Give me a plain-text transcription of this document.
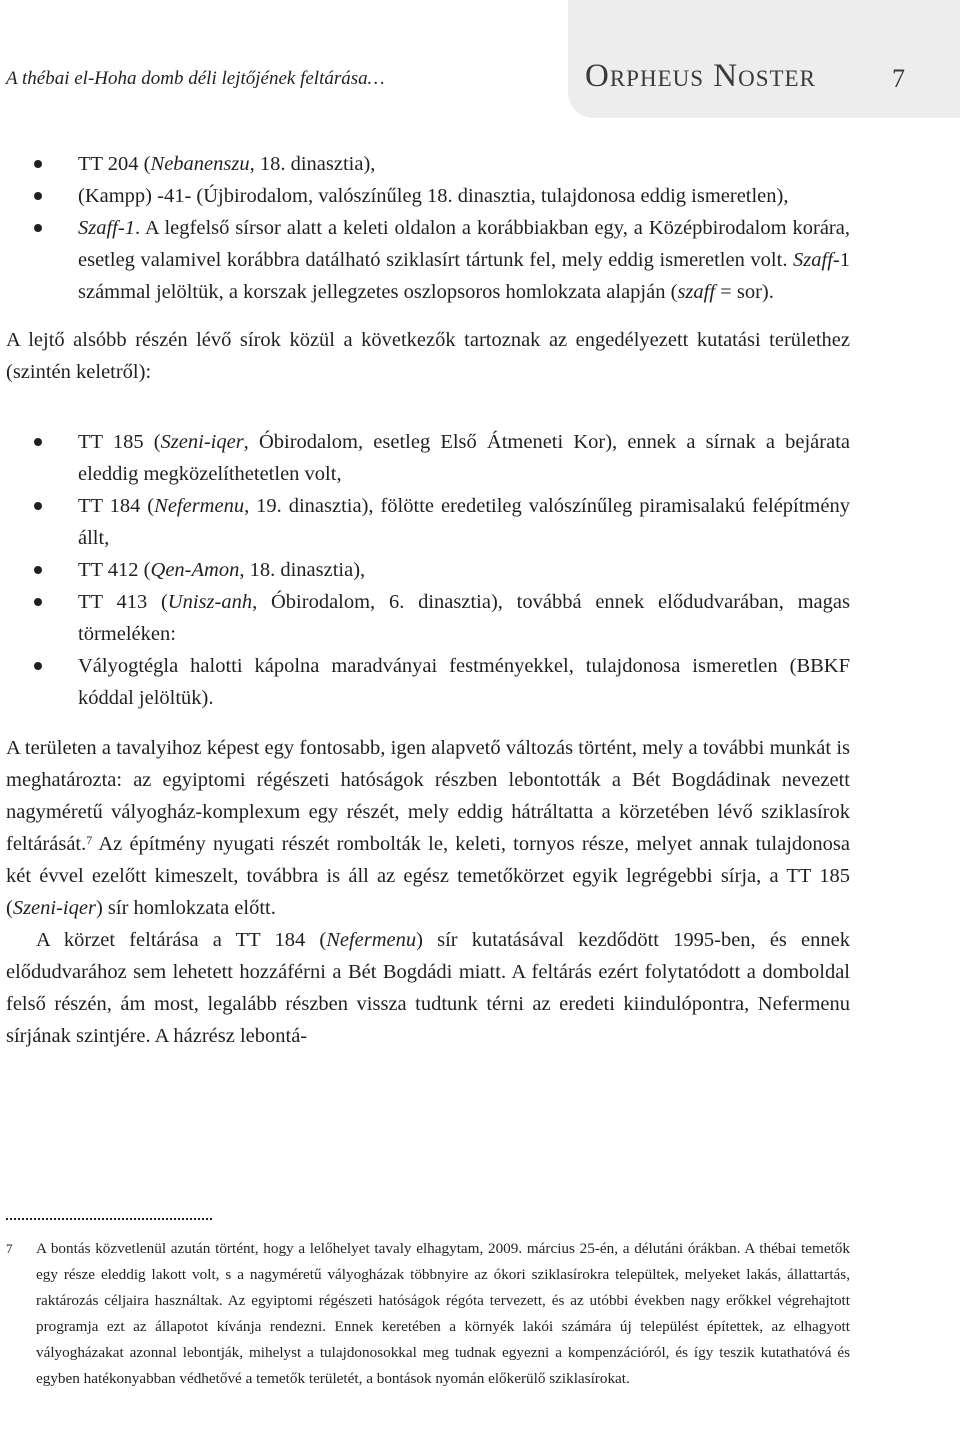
A thébai el-Hoha domb déli lejtőjének feltárása…	Orpheus Noster	7
TT 204 (Nebanenszu, 18. dinasztia),
(Kampp) -41- (Újbirodalom, valószínűleg 18. dinasztia, tulajdonosa eddig ismeretlen),
Szaff-1. A legfelső sírsor alatt a keleti oldalon a korábbiakban egy, a Középbirodalom korára, esetleg valamivel korábbra datálható sziklasírt tártunk fel, mely eddig ismeretlen volt. Szaff-1 számmal jelöltük, a korszak jellegzetes oszlopsoros homlokzata alapján (szaff = sor).

A lejtő alsóbb részén lévő sírok közül a következők tartoznak az engedélyezett kutatási területhez (szintén keletről):

TT 185 (Szeni-iqer, Óbirodalom, esetleg Első Átmeneti Kor), ennek a sírnak a bejárata eleddig megközelíthetetlen volt,
TT 184 (Nefermenu, 19. dinasztia), fölötte eredetileg valószínűleg piramisalakú felépítmény állt,
TT 412 (Qen-Amon, 18. dinasztia),
TT 413 (Unisz-anh, Óbirodalom, 6. dinasztia), továbbá ennek elődudvarában, magas törmeléken:
Vályogtégla halotti kápolna maradványai festményekkel, tulajdonosa ismeretlen (BBKF kóddal jelöltük).

A területen a tavalyihoz képest egy fontosabb, igen alapvető változás történt, mely a további munkát is meghatározta: az egyiptomi régészeti hatóságok részben lebontották a Bét Bogdádinak nevezett nagyméretű vályogház-komplexum egy részét, mely eddig hátráltatta a körzetében lévő sziklasírok feltárását.$^7$ Az építmény nyugati részét rombolták le, keleti, tornyos része, melyet annak tulajdonosa két évvel ezelőtt kimeszelt, továbbra is áll az egész temetőkörzet egyik legrégebbi sírja, a TT 185 (Szeni-iqer) sír homlokzata előtt.

A körzet feltárása a TT 184 (Nefermenu) sír kutatásával kezdődött 1995-ben, és ennek elődudvarához sem lehetett hozzáférni a Bét Bogdádi miatt. A feltárás ezért folytatódott a domboldal felső részén, ám most, legalább részben vissza tudtunk térni az eredeti kiindulópontra, Nefermenu sírjának szintjére. A házrész lebontá-

7 A bontás közvetlenül azután történt, hogy a lelőhelyet tavaly elhagytam, 2009. március 25-én, a délutáni órákban. A thébai temetők egy része eleddig lakott volt, s a nagyméretű vályogházak többnyire az ókori sziklasírokra települtek, melyeket lakás, állattartás, raktározás céljaira használtak. Az egyiptomi régészeti hatóságok régóta tervezett, és az utóbbi években nagy erőkkel végrehajtott programja ezt az állapotot kívánja rendezni. Ennek keretében a környék lakói számára új települést építettek, az elhagyott vályogházakat azonnal lebontják, mihelyst a tulajdonosokkal meg tudnak egyezni a kompenzációról, és így teszik kutathatóvá és egyben hatékonyabban védhetővé a temetők területét, a bontások nyomán előkerülő sziklasírokat.
